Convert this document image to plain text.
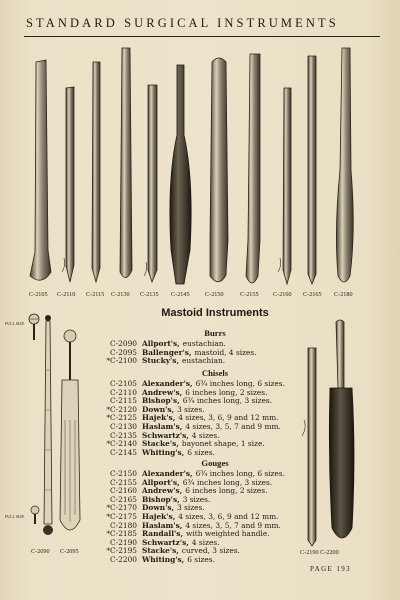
STANDARD SURGICAL INSTRUMENTS
C-2105 C-2110 C-2115 C-2130 C-2135 C-2145 C-2150	C-2155 C-2160 C-2165 C-2180
Mastoid Instruments
Burrs
C-2090 Allport's, eustachian.
C-2095 Ballenger's, mastoid, 4 sizes.
*C-2100 Stucky's, eustachian.
Chisels
C-2105 Alexander's, 6¾ inches long, 6 sizes.
C-2110 Andrew's, 6 inches long, 2 sizes.
C-2115 Bishop's, 6¾ inches long, 3 sizes.
*C-2120 Down's, 3 sizes.
*C-2125 Hajek's, 4 sizes, 3, 6, 9 and 12 mm.
C-2130 Haslam's, 4 sizes, 3, 5, 7 and 9 mm.
C-2135 Schwartz's, 4 sizes.
*C-2140 Stacke's, bayonet shape, 1 size.
C-2145 Whiting's, 6 sizes.
Gouges
C-2150 Alexander's, 6¾ inches long, 6 sizes.
C-2155 Allport's, 6¾ inches long, 3 sizes.
C-2160 Andrew's, 6 inches long, 2 sizes.
C-2165 Bishop's, 3 sizes.
*C-2170 Down's, 3 sizes.
*C-2175 Hajek's, 4 sizes, 3, 6, 9 and 12 mm.
C-2180 Haslam's, 4 sizes, 3, 5, 7 and 9 mm.
*C-2185 Randall's, with weighted handle.
C-2190 Schwartz's, 4 sizes.
*C-2195 Stacke's, curved, 3 sizes.
C-2200 Whiting's, 6 sizes.
FULL SIZE
FULL SIZE
C-2090 C-2095	C-2190 C-2200
PAGE 193
